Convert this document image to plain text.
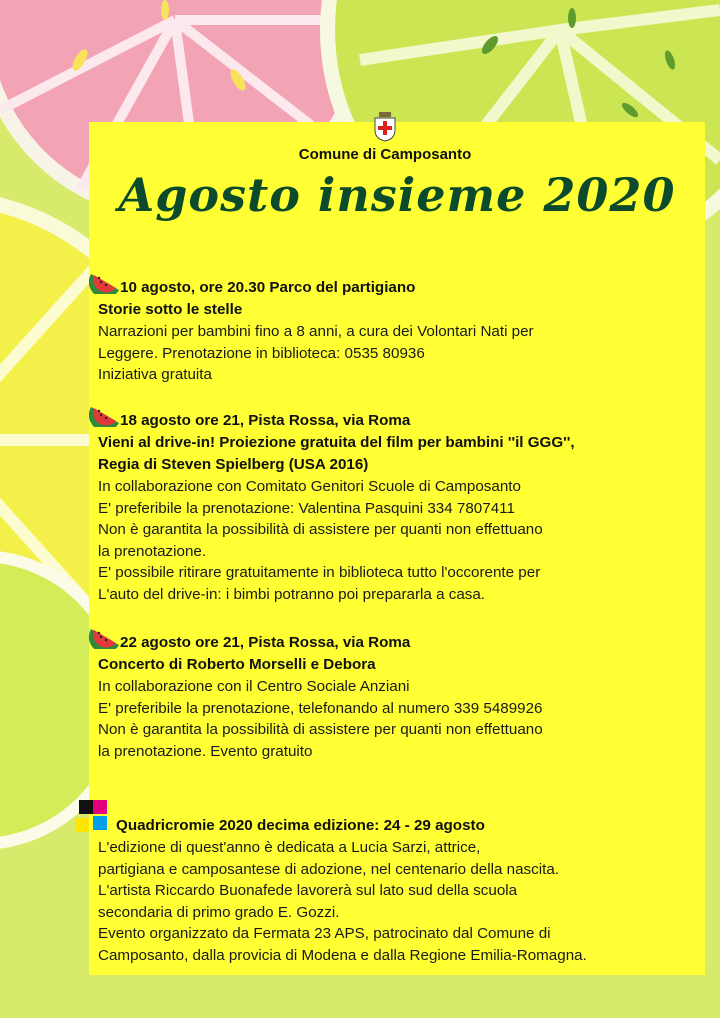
Comune di Camposanto
Agosto insieme 2020
10 agosto, ore 20.30 Parco del partigiano
Storie sotto le stelle
Narrazioni per bambini fino a 8 anni, a cura dei Volontari Nati per
Leggere. Prenotazione in biblioteca: 0535 80936
Iniziativa gratuita
18 agosto ore 21, Pista Rossa, via Roma
Vieni al drive-in! Proiezione gratuita del film per bambini ''il GGG'',
Regia di Steven Spielberg (USA 2016)
In collaborazione con Comitato Genitori Scuole di Camposanto
E' preferibile la prenotazione: Valentina Pasquini 334 7807411
Non è garantita la possibilità di assistere per quanti non effettuano
la prenotazione.
E' possibile ritirare gratuitamente in biblioteca tutto l'occorente per
L'auto del drive-in: i bimbi potranno poi prepararla a casa.
22 agosto ore 21, Pista Rossa, via Roma
Concerto di Roberto Morselli e Debora
In collaborazione con il Centro Sociale Anziani
E' preferibile la prenotazione, telefonando al numero 339 5489926
Non è garantita la possibilità di assistere per quanti non effettuano
la prenotazione. Evento gratuito
Quadricromie 2020 decima edizione: 24 - 29 agosto
L'edizione di quest'anno è dedicata a Lucia Sarzi, attrice,
partigiana e camposantese di adozione, nel centenario della nascita.
L'artista Riccardo Buonafede lavorerà sul lato sud della scuola
secondaria di primo grado E. Gozzi.
Evento organizzato da Fermata 23 APS, patrocinato dal Comune di
Camposanto, dalla provicia di Modena e dalla Regione Emilia-Romagna.
